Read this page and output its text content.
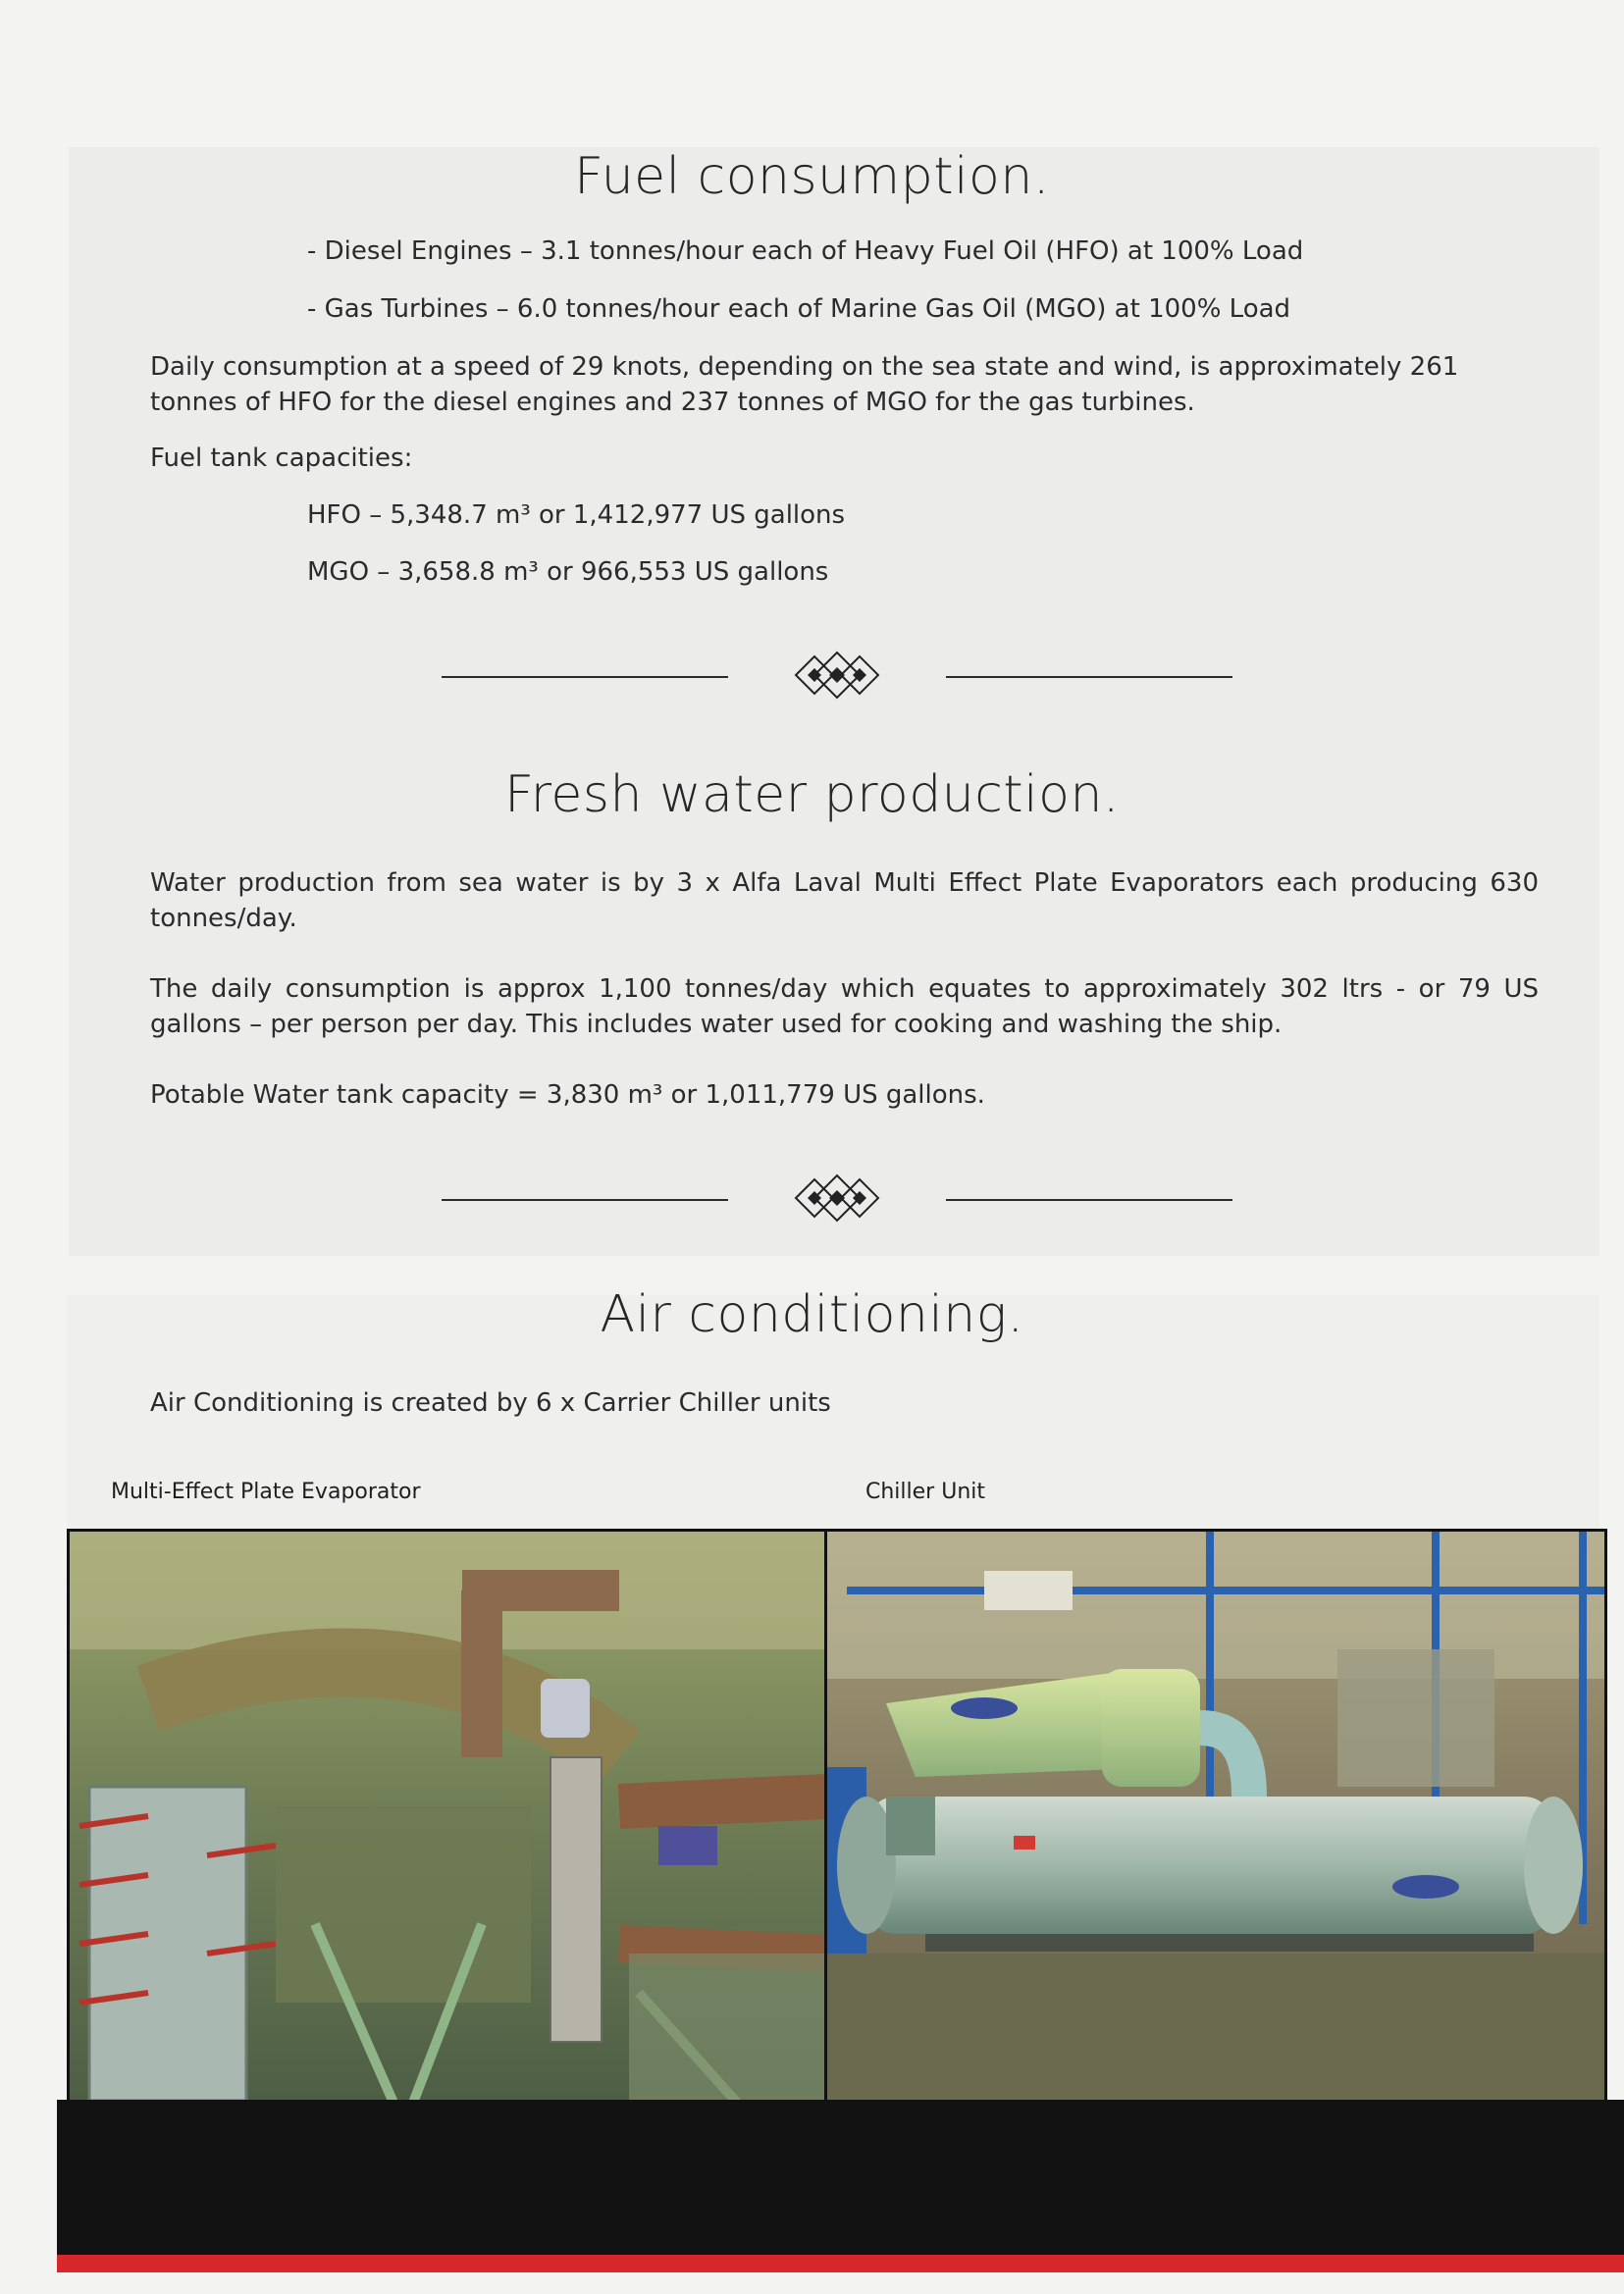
Fuel consumption.

- Diesel Engines – 3.1 tonnes/hour each of Heavy Fuel Oil (HFO) at 100% Load

- Gas Turbines – 6.0 tonnes/hour each of Marine Gas Oil (MGO) at 100% Load

Daily consumption at a speed of 29 knots, depending on the sea state and wind, is approximately 261 tonnes of HFO for the diesel engines and 237 tonnes of MGO for the gas turbines.

Fuel tank capacities:

HFO – 5,348.7 m³ or 1,412,977 US gallons

MGO – 3,658.8 m³ or 966,553 US gallons

Fresh water production.

Water production from sea water is by 3 x Alfa Laval Multi Effect Plate Evaporators each producing 630 tonnes/day.

The daily consumption is approx 1,100 tonnes/day which equates to approximately 302 ltrs - or 79 US gallons – per person per day. This includes water used for cooking and washing the ship.

Potable Water tank capacity = 3,830 m³ or 1,011,779 US gallons.

Air conditioning.

Air Conditioning is created by 6 x Carrier Chiller units

Multi-Effect Plate Evaporator	Chiller Unit
